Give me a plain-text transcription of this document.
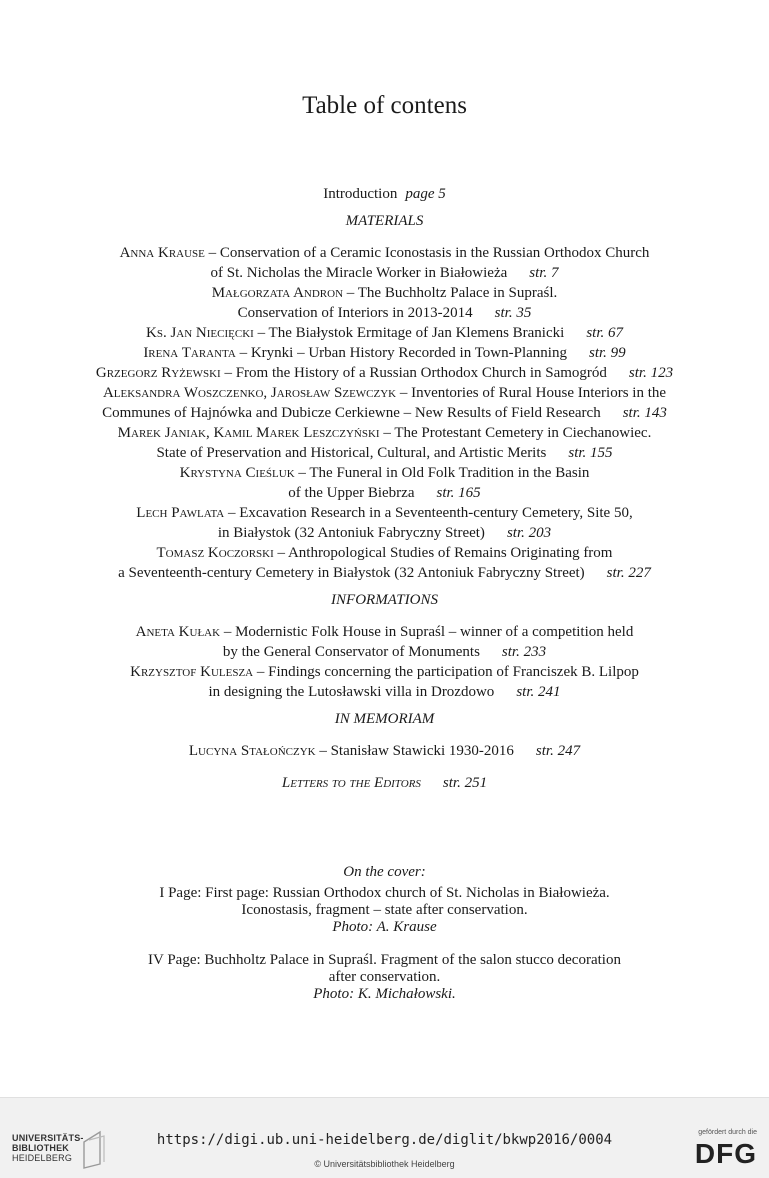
Table of contens
Introduction page 5
MATERIALS
Anna Krause – Conservation of a Ceramic Iconostasis in the Russian Orthodox Church
of St. Nicholas the Miracle Worker in Białowieża str. 7
Małgorzata Andron – The Buchholtz Palace in Supraśl.
Conservation of Interiors in 2013-2014 str. 35
Ks. Jan Niecięcki – The Białystok Ermitage of Jan Klemens Branicki str. 67
Irena Taranta – Krynki – Urban History Recorded in Town-Planning str. 99
Grzegorz Ryżewski – From the History of a Russian Orthodox Church in Samogród str. 123
Aleksandra Woszczenko, Jarosław Szewczyk – Inventories of Rural House Interiors in the
Communes of Hajnówka and Dubicze Cerkiewne – New Results of Field Research str. 143
Marek Janiak, Kamil Marek Leszczyński – The Protestant Cemetery in Ciechanowiec.
State of Preservation and Historical, Cultural, and Artistic Merits str. 155
Krystyna Cieśluk – The Funeral in Old Folk Tradition in the Basin
of the Upper Biebrza str. 165
Lech Pawlata – Excavation Research in a Seventeenth-century Cemetery, Site 50,
in Białystok (32 Antoniuk Fabryczny Street) str. 203
Tomasz Koczorski – Anthropological Studies of Remains Originating from
a Seventeenth-century Cemetery in Białystok (32 Antoniuk Fabryczny Street) str. 227
INFORMATIONS
Aneta Kułak – Modernistic Folk House in Supraśl – winner of a competition held
by the General Conservator of Monuments str. 233
Krzysztof Kulesza – Findings concerning the participation of Franciszek B. Lilpop
in designing the Lutosławski villa in Drozdowo str. 241
IN MEMORIAM
Lucyna Stałończyk – Stanisław Stawicki 1930-2016 str. 247
Letters to the Editors str. 251
On the cover:
I Page: First page: Russian Orthodox church of St. Nicholas in Białowieża.
Iconostasis, fragment – state after conservation.
Photo: A. Krause
IV Page: Buchholtz Palace in Supraśl. Fragment of the salon stucco decoration
after conservation.
Photo: K. Michałowski.
UNIVERSITÄTS-
BIBLIOTHEK
HEIDELBERG
https://digi.ub.uni-heidelberg.de/diglit/bkwp2016/0004
© Universitätsbibliothek Heidelberg
gefördert durch die
DFG
